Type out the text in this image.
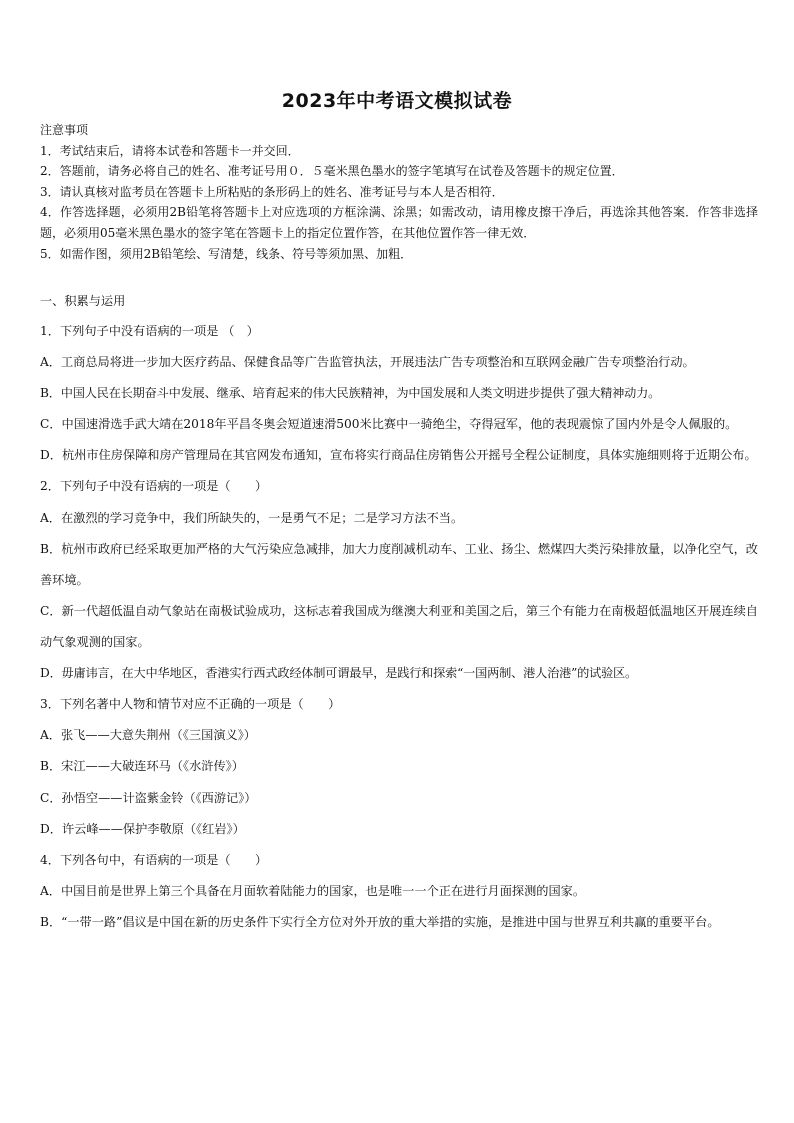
2023年中考语文模拟试卷

注意事项

1．考试结束后，请将本试卷和答题卡一并交回．

2．答题前，请务必将自己的姓名、准考证号用０．５毫米黑色墨水的签字笔填写在试卷及答题卡的规定位置．

3．请认真核对监考员在答题卡上所粘贴的条形码上的姓名、准考证号与本人是否相符．

4．作答选择题，必须用2B铅笔将答题卡上对应选项的方框涂满、涂黑；如需改动，请用橡皮擦干净后，再选涂其他答案．作答非选择题，必须用05毫米黑色墨水的签字笔在答题卡上的指定位置作答，在其他位置作答一律无效．

5．如需作图，须用2B铅笔绘、写清楚，线条、符号等须加黑、加粗．

一、积累与运用

1．下列句子中没有语病的一项是 （　）

A．工商总局将进一步加大医疗药品、保健食品等广告监管执法，开展违法广告专项整治和互联网金融广告专项整治行动。

B．中国人民在长期奋斗中发展、继承、培育起来的伟大民族精神，为中国发展和人类文明进步提供了强大精神动力。

C．中国速滑选手武大靖在2018年平昌冬奥会短道速滑500米比赛中一骑绝尘，夺得冠军，他的表现震惊了国内外是令人佩服的。

D．杭州市住房保障和房产管理局在其官网发布通知，宣布将实行商品住房销售公开摇号全程公证制度，具体实施细则将于近期公布。

2．下列句子中没有语病的一项是（　　）

A．在激烈的学习竞争中，我们所缺失的，一是勇气不足；二是学习方法不当。

B．杭州市政府已经采取更加严格的大气污染应急减排，加大力度削减机动车、工业、扬尘、燃煤四大类污染排放量，以净化空气，改善环境。

C．新一代超低温自动气象站在南极试验成功，这标志着我国成为继澳大利亚和美国之后，第三个有能力在南极超低温地区开展连续自动气象观测的国家。

D．毋庸讳言，在大中华地区，香港实行西式政经体制可谓最早，是践行和探索“一国两制、港人治港”的试验区。

3．下列名著中人物和情节对应不正确的一项是（　　）

A．张飞——大意失荆州（《三国演义》）

B．宋江——大破连环马（《水浒传》）

C．孙悟空——计盗紫金铃（《西游记》）

D．许云峰——保护李敬原（《红岩》）

4．下列各句中，有语病的一项是（　　）

A．中国目前是世界上第三个具备在月面软着陆能力的国家，也是唯一一个正在进行月面探测的国家。

B．“一带一路”倡议是中国在新的历史条件下实行全方位对外开放的重大举措的实施，是推进中国与世界互利共赢的重要平台。
